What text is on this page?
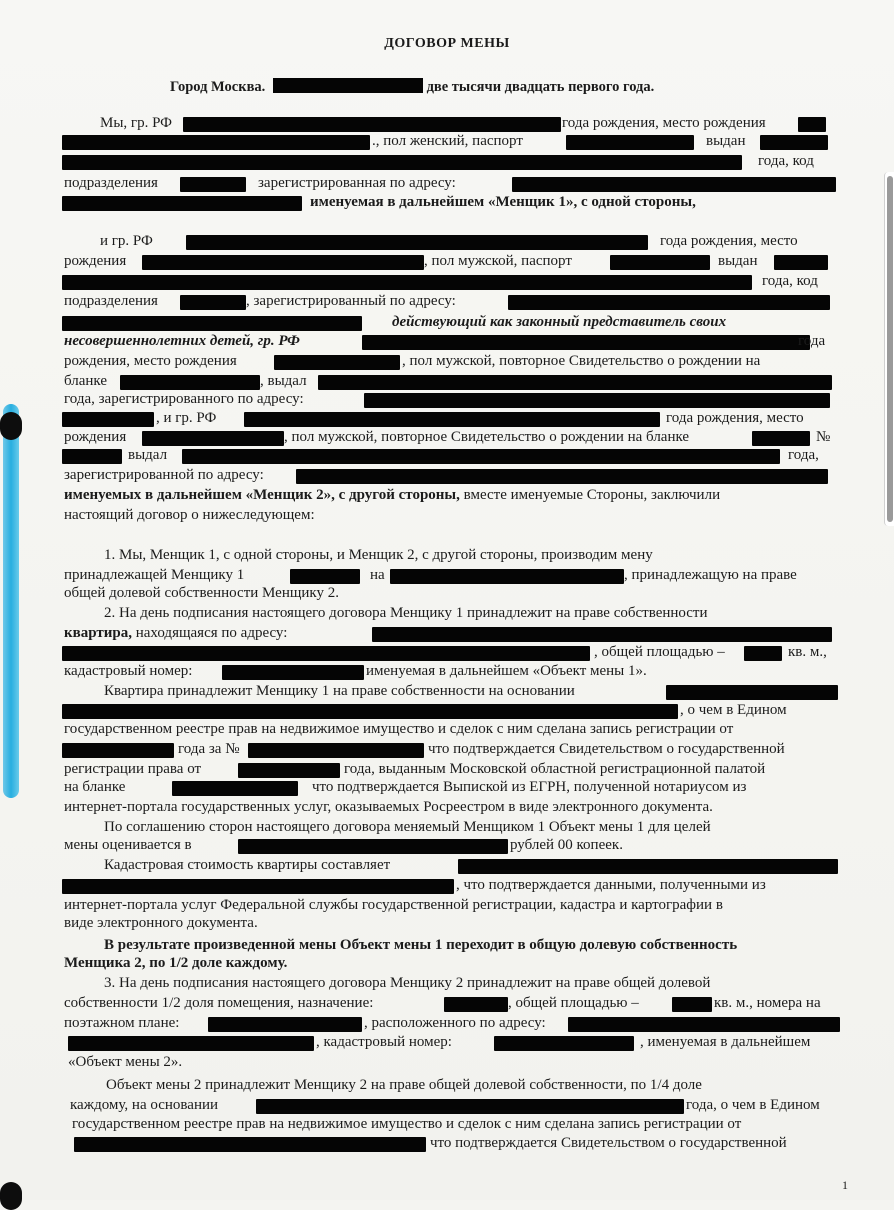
ДОГОВОР МЕНЫ
Город Москва.	две тысячи двадцать первого года.
Мы, гр. РФ	года рождения, место рождения
., пол женский, паспорт	выдан
года, код
подразделения	зарегистрированная по адресу:
именуемая в дальнейшем «Менщик 1», с одной стороны,
и гр. РФ	года рождения, место
рождения	, пол мужской, паспорт	выдан
года, код
подразделения	, зарегистрированный по адресу:
действующий как законный представитель своих
несовершеннолетних детей, гр. РФ	года
рождения, место рождения	, пол мужской, повторное Свидетельство о рождении на
бланке	, выдал
года, зарегистрированного по адресу:
, и гр. РФ	года рождения, место
рождения	, пол мужской, повторное Свидетельство о рождении на бланке	№
выдал	года,
зарегистрированной по адресу:
именуемых в дальнейшем «Менщик 2», с другой стороны, вместе именуемые Стороны, заключили
настоящий договор о нижеследующем:
1. Мы, Менщик 1, с одной стороны, и Менщик 2, с другой стороны, производим мену
принадлежащей Менщику 1	на	, принадлежащую на праве
общей долевой собственности Менщику 2.
2. На день подписания настоящего договора Менщику 1 принадлежит на праве собственности
квартира, находящаяся по адресу:
, общей площадью –	кв. м.,
кадастровый номер:	именуемая в дальнейшем «Объект мены 1».
Квартира принадлежит Менщику 1 на праве собственности на основании
, о чем в Едином
государственном реестре прав на недвижимое имущество и сделок с ним сделана запись регистрации от
года за №	что подтверждается Свидетельством о государственной
регистрации права от	года, выданным Московской областной регистрационной палатой
на бланке	что подтверждается Выпиской из ЕГРН, полученной нотариусом из
интернет-портала государственных услуг, оказываемых Росреестром в виде электронного документа.
По соглашению сторон настоящего договора меняемый Менщиком 1 Объект мены 1 для целей
мены оценивается в	рублей 00 копеек.
Кадастровая стоимость квартиры составляет
, что подтверждается данными, полученными из
интернет-портала услуг Федеральной службы государственной регистрации, кадастра и картографии в
виде электронного документа.
В результате произведенной мены Объект мены 1 переходит в общую долевую собственность
Менщика 2, по 1/2 доле каждому.
3. На день подписания настоящего договора Менщику 2 принадлежит на праве общей долевой
собственности 1/2 доля помещения, назначение:	, общей площадью –	кв. м., номера на
поэтажном плане:	, расположенного по адресу:
, кадастровый номер:	, именуемая в дальнейшем
«Объект мены 2».
Объект мены 2 принадлежит Менщику 2 на праве общей долевой собственности, по 1/4 доле
каждому, на основании	года, о чем в Едином
государственном реестре прав на недвижимое имущество и сделок с ним сделана запись регистрации от
что подтверждается Свидетельством о государственной
1
